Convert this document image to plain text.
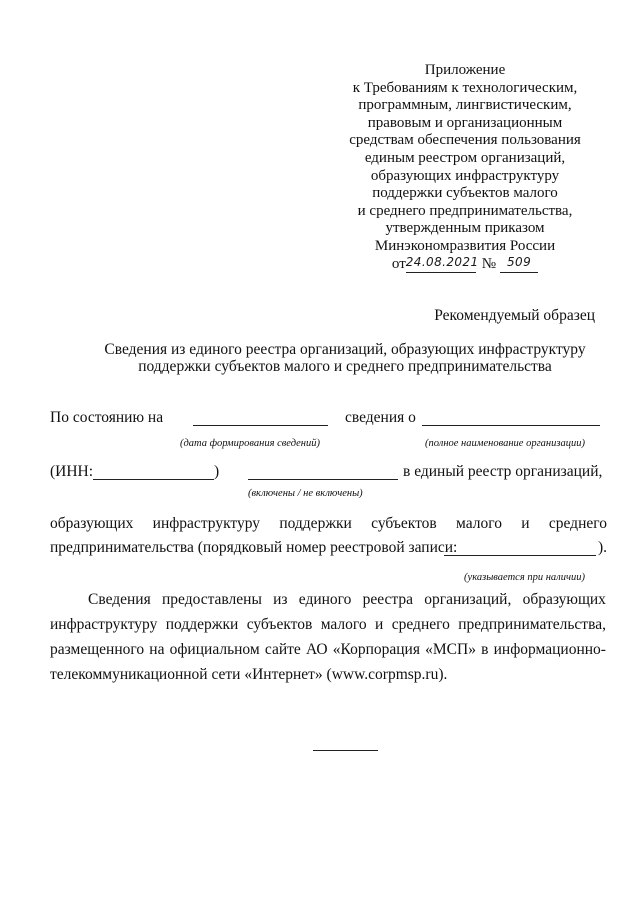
Приложение
к Требованиям к технологическим,
программным, лингвистическим,
правовым и организационным
средствам обеспечения пользования
единым реестром организаций,
образующих инфраструктуру
поддержки субъектов малого
и среднего предпринимательства,
утвержденным приказом
Минэкономразвития России
от $^{24.08.2021}$ № $^{509}$
Рекомендуемый образец
Сведения из единого реестра организаций, образующих инфраструктуру
поддержки субъектов малого и среднего предпринимательства
По состоянию на	сведения о
(дата формирования сведений)	(полное наименование организации)
(ИНН:	)	в единый реестр организаций,
(включены / не включены)
образующих инфраструктуру поддержки субъектов малого и среднего
предпринимательства (порядковый номер реестровой записи:	).
(указывается при наличии)
Сведения предоставлены из единого реестра организаций, образующих
инфраструктуру поддержки субъектов малого и среднего предпринимательства,
размещенного на официальном сайте АО «Корпорация «МСП» в информационно-
телекоммуникационной сети «Интернет» (www.corpmsp.ru).
